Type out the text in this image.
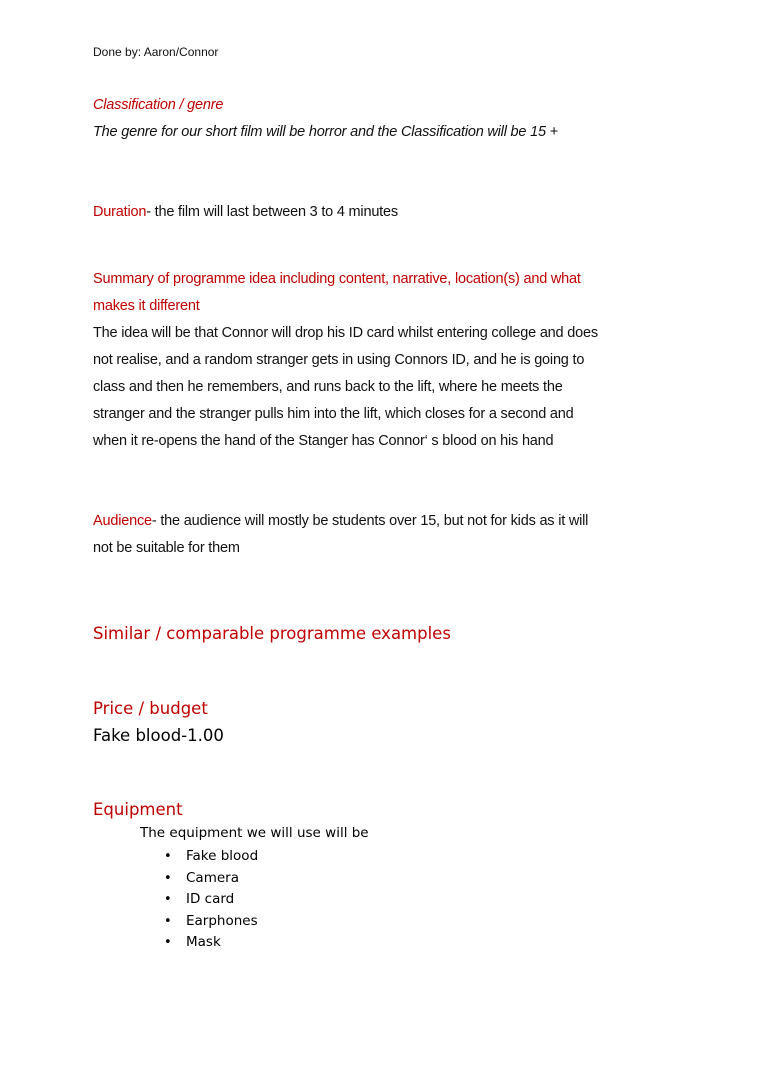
Done by: Aaron/Connor
Classification / genre
The genre for our short film will be horror and the Classification will be 15 +
Duration- the film will last between 3 to 4 minutes
Summary of programme idea including content, narrative, location(s) and what
makes it different
The idea will be that Connor will drop his ID card whilst entering college and does
not realise, and a random stranger gets in using Connors ID, and he is going to
class and then he remembers, and runs back to the lift, where he meets the
stranger and the stranger pulls him into the lift, which closes for a second and
when it re-opens the hand of the Stanger has Connor‘ s blood on his hand
Audience- the audience will mostly be students over 15, but not for kids as it will
not be suitable for them
Similar / comparable programme examples
Price / budget
Fake blood-1.00
Equipment
The equipment we will use will be
• Fake blood
• Camera
• ID card
• Earphones
• Mask
